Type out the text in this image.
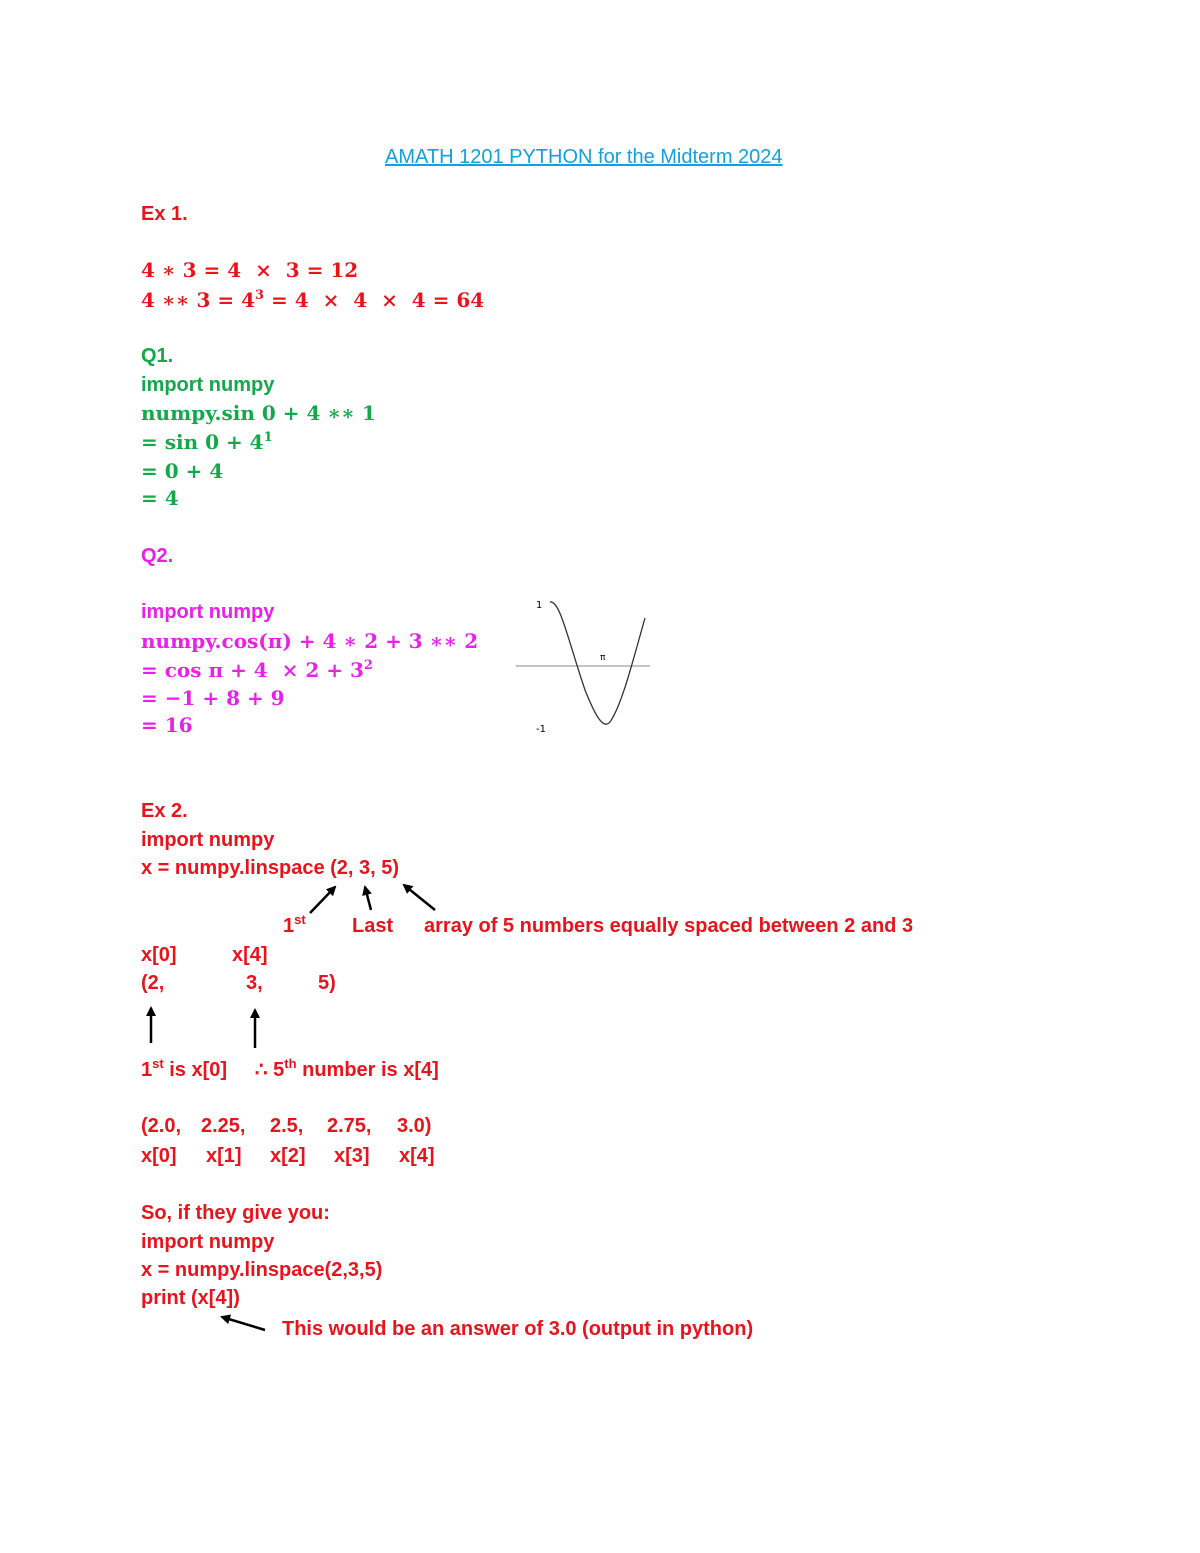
AMATH 1201 PYTHON for the Midterm 2024
Ex 1.
4 ∗ 3 = 4  ×  3 = 12
4 ∗∗ $3 = 4^3 = 4 \times 4 \times 4 = 64$
Q1.
import numpy
numpy.sin 0 + 4 ∗∗ 1
= $\sin 0 + 4^1$
= 0 + 4
= 4
Q2.
import numpy
numpy.cos(π) + 4 ∗ 2 + 3 ∗∗ 2
= $\cos \pi + 4 \times 2 + 3^2$
= −1 + 8 + 9
= 16
1
-1
π
Ex 2.
import numpy
x = numpy.linspace (2, 3, 5)
1st Last array of 5 numbers equally spaced between 2 and 3
x[0]	x[4]
(2,	3,	5)
1st is x[0] ∴ 5th number is x[4]
(2.0, 2.25, 2.5, 2.75, 3.0)
x[0] x[1] x[2] x[3] x[4]
So, if they give you:
import numpy
x = numpy.linspace(2,3,5)
print (x[4])
This would be an answer of 3.0 (output in python)
